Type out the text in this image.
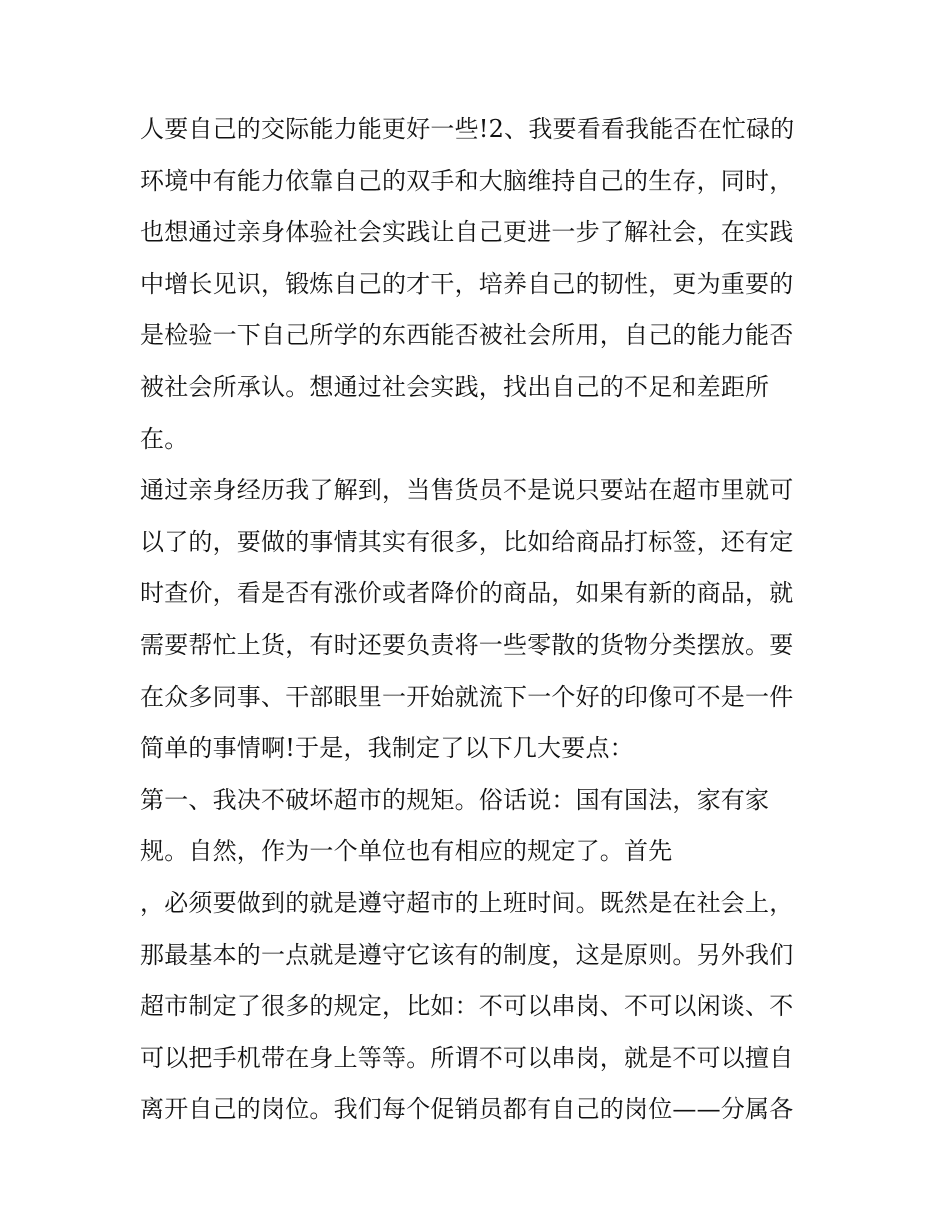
人要自己的交际能力能更好一些!2、我要看看我能否在忙碌的
环境中有能力依靠自己的双手和大脑维持自己的生存，同时，
也想通过亲身体验社会实践让自己更进一步了解社会，在实践
中增长见识，锻炼自己的才干，培养自己的韧性，更为重要的
是检验一下自己所学的东西能否被社会所用，自己的能力能否
被社会所承认。想通过社会实践，找出自己的不足和差距所
在。
通过亲身经历我了解到，当售货员不是说只要站在超市里就可
以了的，要做的事情其实有很多，比如给商品打标签，还有定
时查价，看是否有涨价或者降价的商品，如果有新的商品，就
需要帮忙上货，有时还要负责将一些零散的货物分类摆放。要
在众多同事、干部眼里一开始就流下一个好的印像可不是一件
简单的事情啊!于是，我制定了以下几大要点：
第一、我决不破坏超市的规矩。俗话说：国有国法，家有家
规。自然，作为一个单位也有相应的规定了。首先
，必须要做到的就是遵守超市的上班时间。既然是在社会上，
那最基本的一点就是遵守它该有的制度，这是原则。另外我们
超市制定了很多的规定，比如：不可以串岗、不可以闲谈、不
可以把手机带在身上等等。所谓不可以串岗，就是不可以擅自
离开自己的岗位。我们每个促销员都有自己的岗位——分属各
